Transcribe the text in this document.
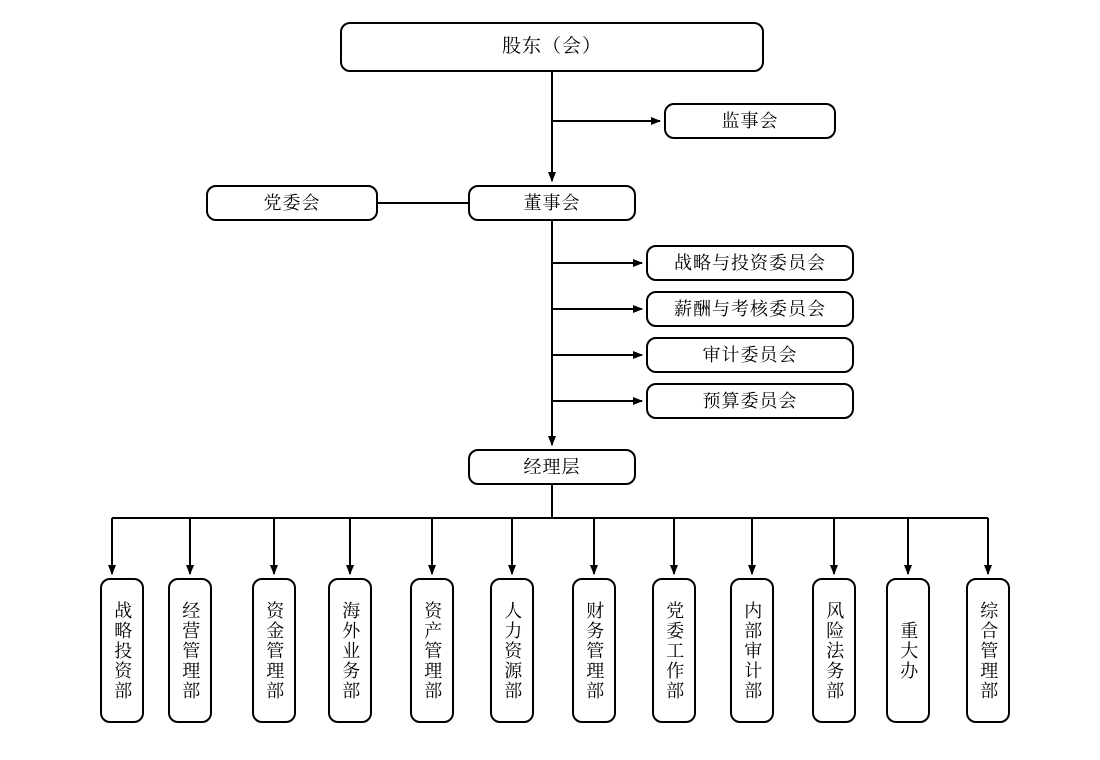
股东（会）
监事会
党委会	董事会
经理层
战略与投资委员会
薪酬与考核委员会
审计委员会
预算委员会
战略投资部	经营管理部	资金管理部	海外业务部	资产管理部	人力资源部	财务管理部	党委工作部	内部审计部	风险法务部	重大办	综合管理部
